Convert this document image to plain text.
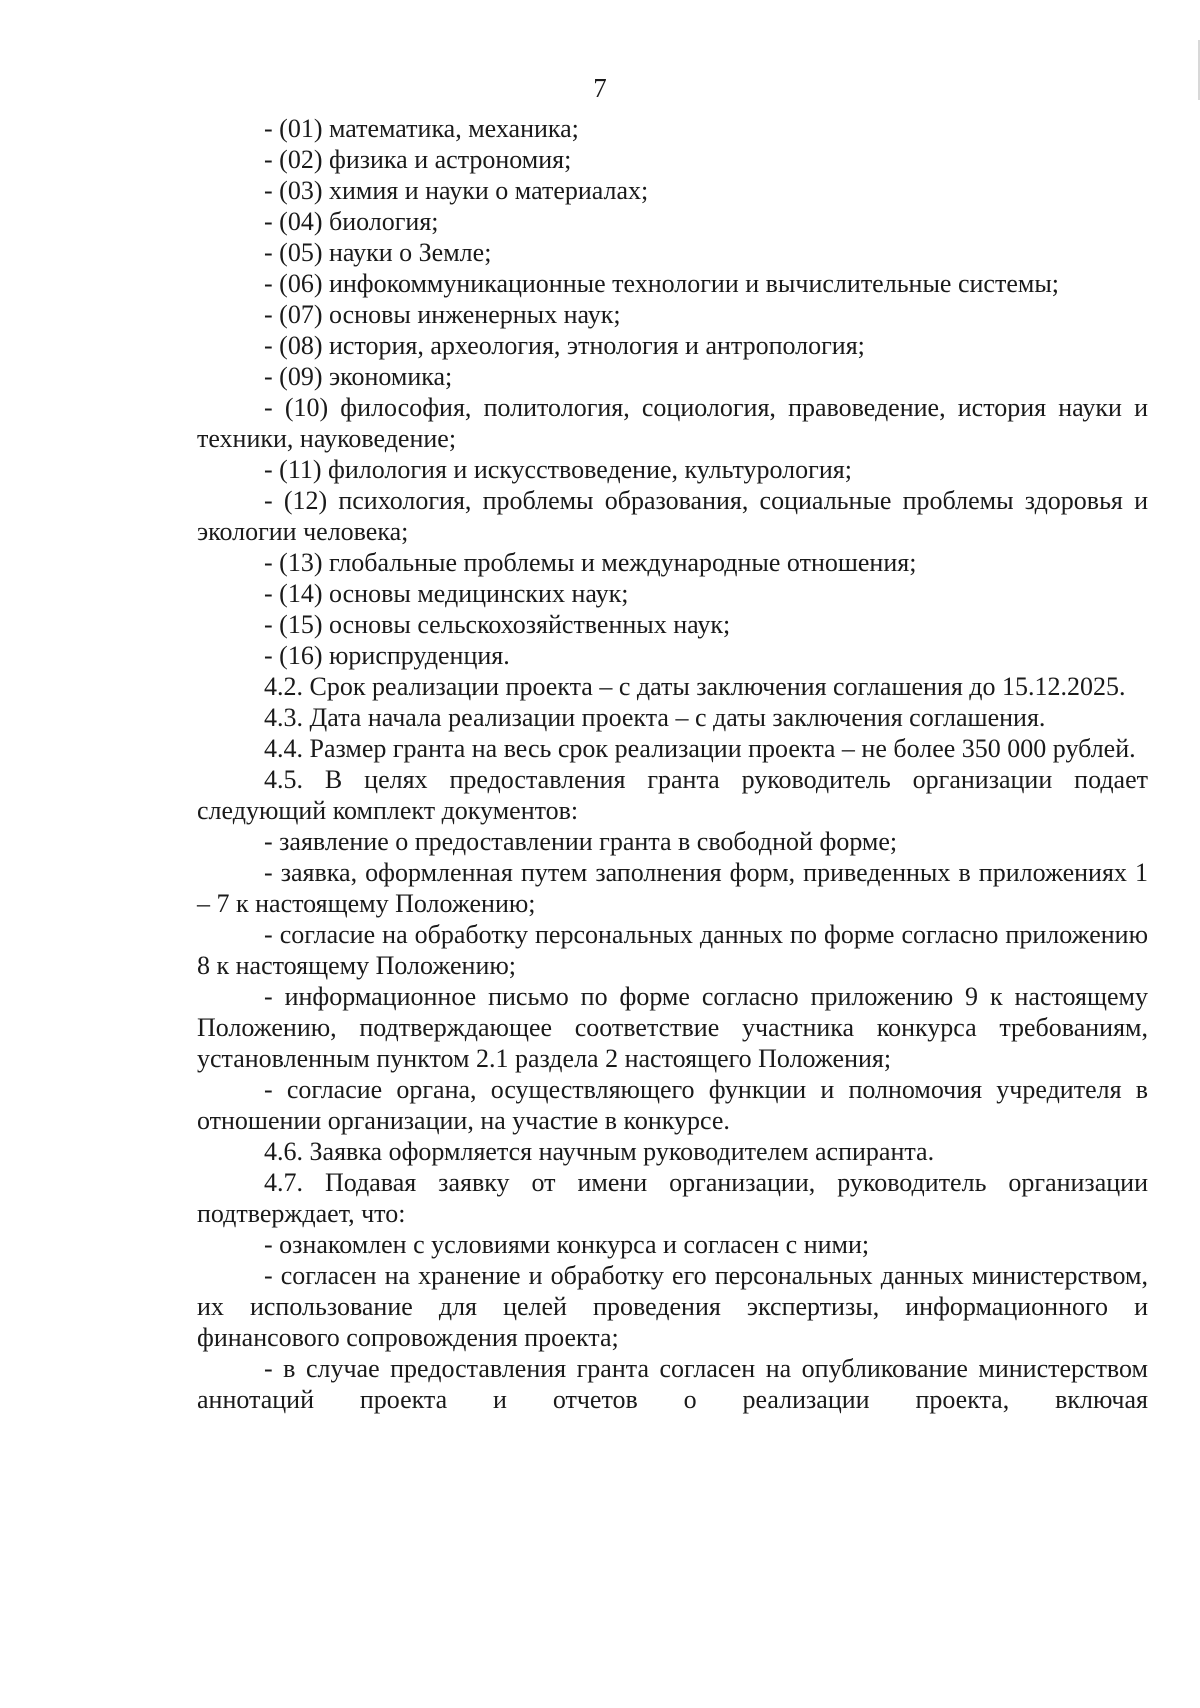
7

- (01) математика, механика;

- (02) физика и астрономия;

- (03) химия и науки о материалах;

- (04) биология;

- (05) науки о Земле;

- (06) инфокоммуникационные технологии и вычислительные системы;

- (07) основы инженерных наук;

- (08) история, археология, этнология и антропология;

- (09) экономика;

- (10) философия, политология, социология, правоведение, история науки и техники, науковедение;

- (11) филология и искусствоведение, культурология;

- (12) психология, проблемы образования, социальные проблемы здоровья и экологии человека;

- (13) глобальные проблемы и международные отношения;

- (14) основы медицинских наук;

- (15) основы сельскохозяйственных наук;

- (16) юриспруденция.

4.2. Срок реализации проекта – с даты заключения соглашения до 15.12.2025.

4.3. Дата начала реализации проекта – с даты заключения соглашения.

4.4. Размер гранта на весь срок реализации проекта – не более 350 000 рублей.

4.5. В целях предоставления гранта руководитель организации подает следующий комплект документов:

- заявление о предоставлении гранта в свободной форме;

- заявка, оформленная путем заполнения форм, приведенных в приложениях 1 – 7 к настоящему Положению;

- согласие на обработку персональных данных по форме согласно приложению 8 к настоящему Положению;

- информационное письмо по форме согласно приложению 9 к настоящему Положению, подтверждающее соответствие участника конкурса требованиям, установленным пунктом 2.1 раздела 2 настоящего Положения;

- согласие органа, осуществляющего функции и полномочия учредителя в отношении организации, на участие в конкурсе.

4.6. Заявка оформляется научным руководителем аспиранта.

4.7. Подавая заявку от имени организации, руководитель организации подтверждает, что:

- ознакомлен с условиями конкурса и согласен с ними;

- согласен на хранение и обработку его персональных данных министерством, их использование для целей проведения экспертизы, информационного и финансового сопровождения проекта;

- в случае предоставления гранта согласен на опубликование министерством аннотаций проекта и отчетов о реализации проекта, включая
